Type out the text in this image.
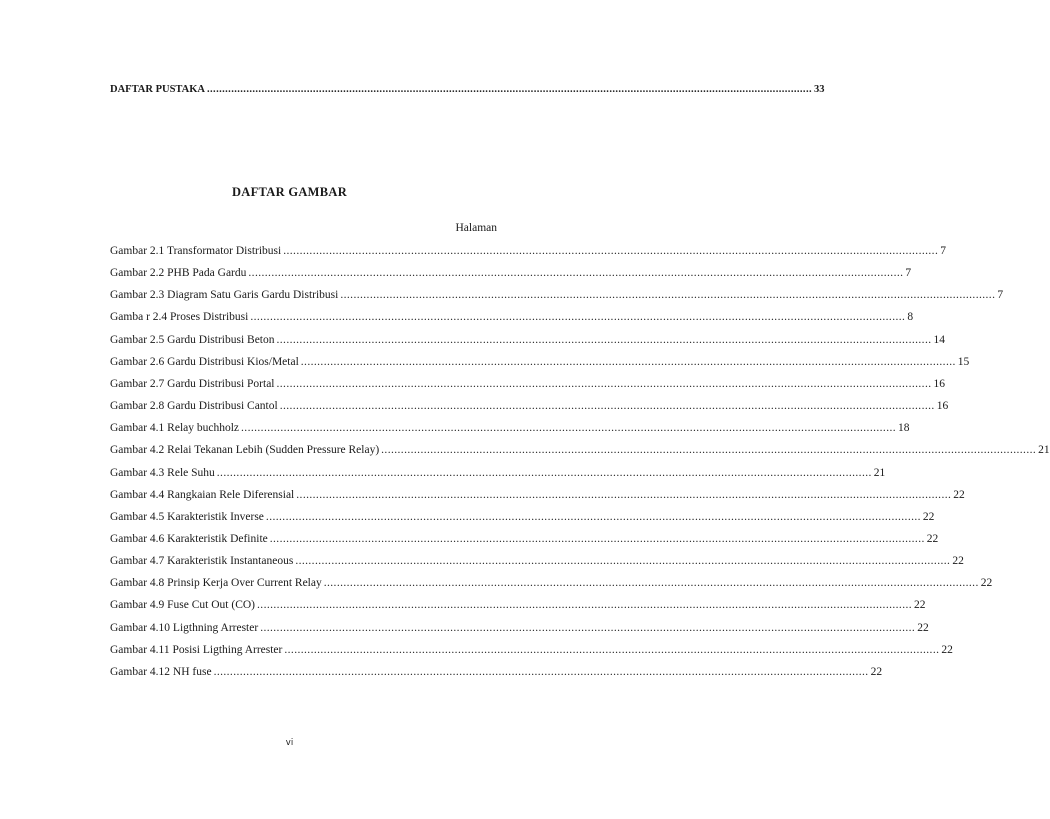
DAFTAR PUSTAKA ........................................................................................................................................................................................................ 33
DAFTAR GAMBAR
Halaman
Gambar 2.1 Transformator Distribusi ........................................................................................................................................................................................................ 7
Gambar 2.2 PHB Pada Gardu ........................................................................................................................................................................................................ 7
Gambar 2.3 Diagram Satu Garis Gardu Distribusi ........................................................................................................................................................................................................ 7
Gamba r 2.4 Proses Distribusi ........................................................................................................................................................................................................ 8
Gambar 2.5 Gardu Distribusi Beton ........................................................................................................................................................................................................ 14
Gambar 2.6 Gardu Distribusi Kios/Metal ........................................................................................................................................................................................................ 15
Gambar 2.7 Gardu Distribusi Portal ........................................................................................................................................................................................................ 16
Gambar 2.8 Gardu Distribusi Cantol ........................................................................................................................................................................................................ 16
Gambar 4.1 Relay buchholz ........................................................................................................................................................................................................ 18
Gambar 4.2 Relai Tekanan Lebih (Sudden Pressure Relay) ........................................................................................................................................................................................................ 21
Gambar 4.3 Rele Suhu ........................................................................................................................................................................................................ 21
Gambar 4.4 Rangkaian Rele Diferensial ........................................................................................................................................................................................................ 22
Gambar 4.5 Karakteristik Inverse ........................................................................................................................................................................................................ 22
Gambar 4.6 Karakteristik Definite ........................................................................................................................................................................................................ 22
Gambar 4.7 Karakteristik Instantaneous ........................................................................................................................................................................................................ 22
Gambar 4.8 Prinsip Kerja Over Current Relay ........................................................................................................................................................................................................ 22
Gambar 4.9 Fuse Cut Out (CO) ........................................................................................................................................................................................................ 22
Gambar 4.10 Ligthning Arrester ........................................................................................................................................................................................................ 22
Gambar 4.11 Posisi Ligthing Arrester ........................................................................................................................................................................................................ 22
Gambar 4.12 NH fuse ........................................................................................................................................................................................................ 22
vi
